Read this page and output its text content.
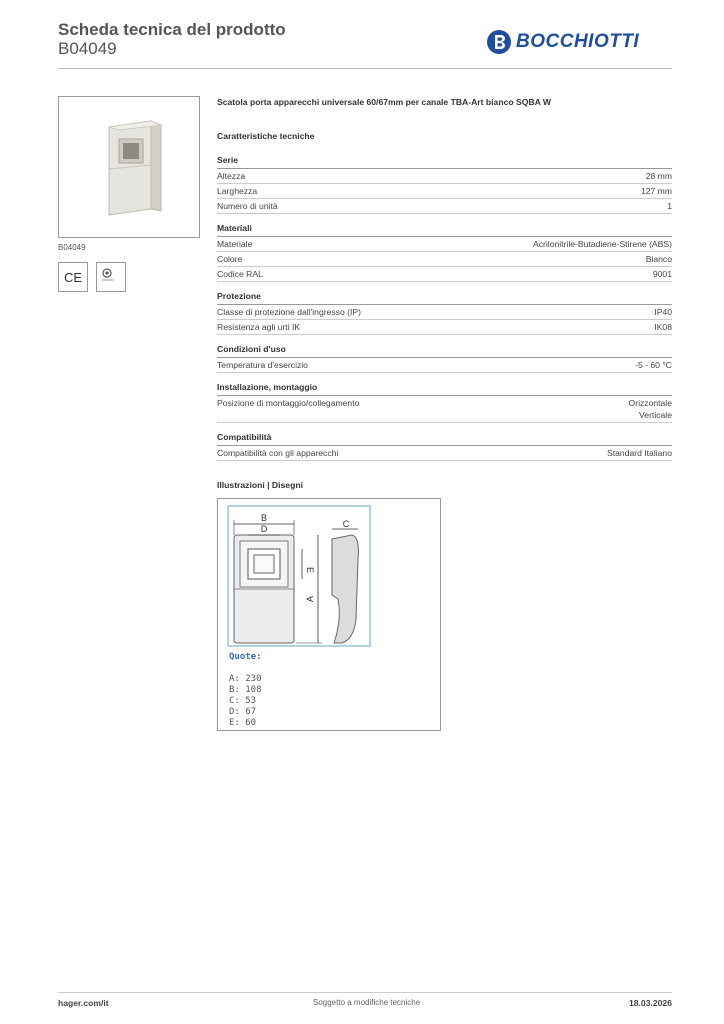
Scheda tecnica del prodotto
B04049	BOCCHIOTTI
B04049
CE
Scatola porta apparecchi universale 60/67mm per canale TBA-Art bianco SQBA W
Caratteristiche tecniche
Serie
Altezza	28 mm
Larghezza	127 mm
Numero di unità	1
Materiali
Materiale	Acrilonitrile-Butadiene-Stirene (ABS)
Colore	Bianco
Codice RAL	9001
Protezione
Classe di protezione dall'ingresso (IP)	IP40
Resistenza agli urti IK	IK08
Condizioni d'uso
Temperatura d'esercizio	-5 - 60 °C
Installazione, montaggio
Posizione di montaggio/collegamento	Orizzontale
Verticale
Compatibilità
Compatibilità con gli apparecchi	Standard Italiano
Illustrazioni | Disegni
B
D
E
A
C
Quote:
A: 230
B: 108
C: 53
D: 67
E: 60
hager.com/it	Soggetto a modifiche tecniche	18.03.2026
